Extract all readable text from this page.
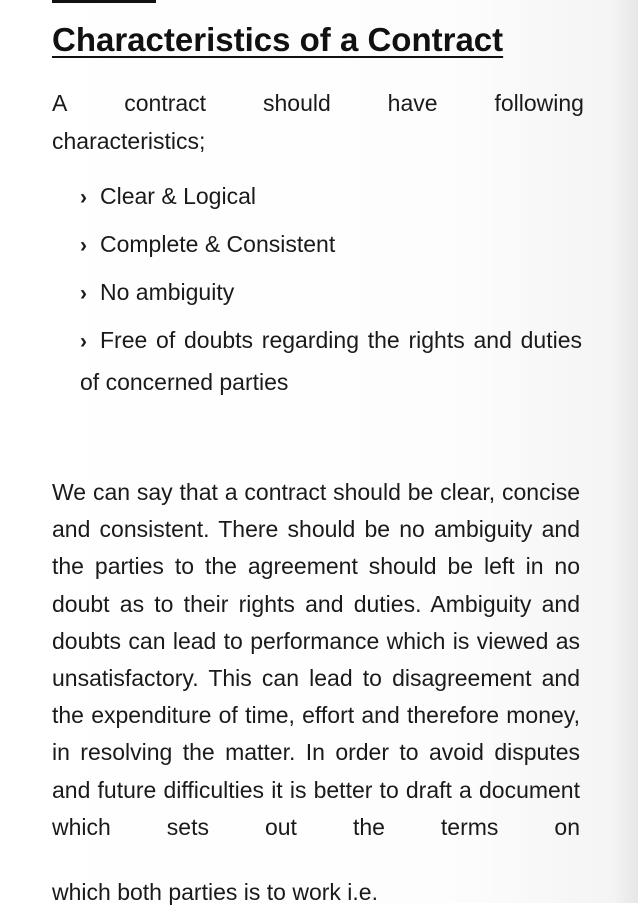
Characteristics of a Contract
A contract should have following
characteristics;
› Clear & Logical
› Complete & Consistent
› No ambiguity
› Free of doubts regarding the rights and duties of concerned parties

We can say that a contract should be clear, concise and consistent. There should be no ambiguity and the parties to the agreement should be left in no doubt as to their rights and duties. Ambiguity and doubts can lead to performance which is viewed as unsatisfactory. This can lead to disagreement and the expenditure of time, effort and therefore money, in resolving the matter. In order to avoid disputes and future difficulties it is better to draft a document which sets out the terms on

which both parties is to work i.e.
